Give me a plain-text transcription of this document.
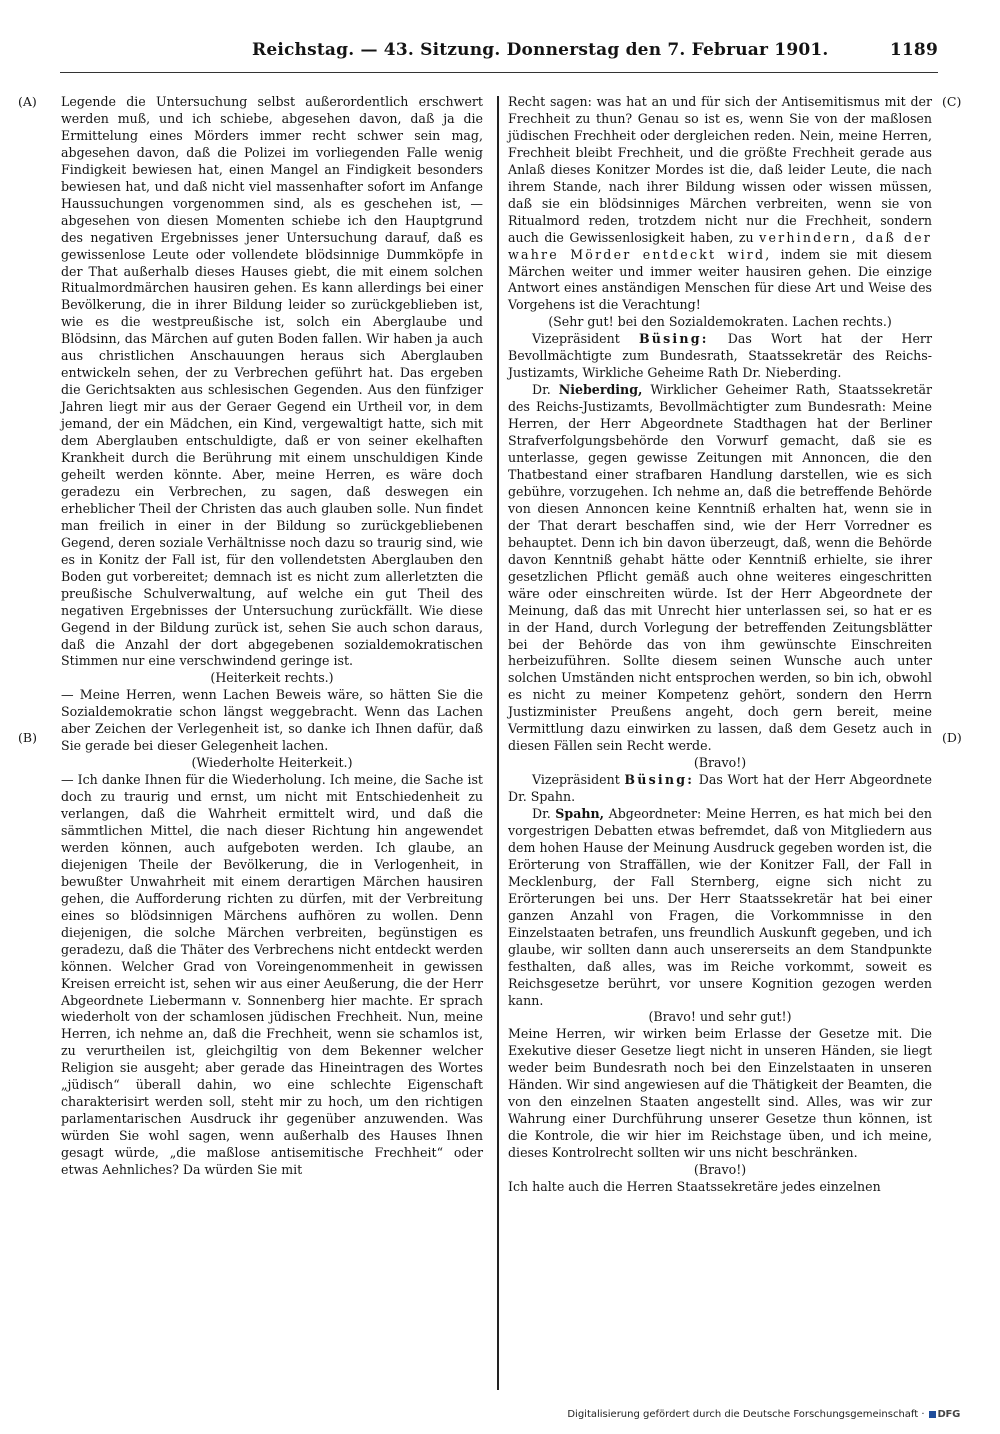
Reichstag. — 43. Sitzung. Donnerstag den 7. Februar 1901.	1189
(A)
(B)
(C)
(D)

Legende die Untersuchung selbst außerordentlich erschwert werden muß, und ich schiebe, abgesehen davon, daß ja die Ermittelung eines Mörders immer recht schwer sein mag, abgesehen davon, daß die Polizei im vorliegenden Falle wenig Findigkeit bewiesen hat, einen Mangel an Findigkeit besonders bewiesen hat, und daß nicht viel massenhafter sofort im Anfange Haussuchungen vorgenommen sind, als es geschehen ist, — abgesehen von diesen Momenten schiebe ich den Hauptgrund des negativen Ergebnisses jener Untersuchung darauf, daß es gewissenlose Leute oder vollendete blödsinnige Dummköpfe in der That außerhalb dieses Hauses giebt, die mit einem solchen Ritualmordmärchen hausiren gehen. Es kann allerdings bei einer Bevölkerung, die in ihrer Bildung leider so zurückgeblieben ist, wie es die westpreußische ist, solch ein Aberglaube und Blödsinn, das Märchen auf guten Boden fallen. Wir haben ja auch aus christlichen Anschauungen heraus sich Aberglauben entwickeln sehen, der zu Verbrechen geführt hat. Das ergeben die Gerichtsakten aus schlesischen Gegenden. Aus den fünfziger Jahren liegt mir aus der Geraer Gegend ein Urtheil vor, in dem jemand, der ein Mädchen, ein Kind, vergewaltigt hatte, sich mit dem Aberglauben entschuldigte, daß er von seiner ekelhaften Krankheit durch die Berührung mit einem unschuldigen Kinde geheilt werden könnte. Aber, meine Herren, es wäre doch geradezu ein Verbrechen, zu sagen, daß deswegen ein erheblicher Theil der Christen das auch glauben solle. Nun findet man freilich in einer in der Bildung so zurückgebliebenen Gegend, deren soziale Verhältnisse noch dazu so traurig sind, wie es in Konitz der Fall ist, für den vollendetsten Aberglauben den Boden gut vorbereitet; demnach ist es nicht zum allerletzten die preußische Schulverwaltung, auf welche ein gut Theil des negativen Ergebnisses der Untersuchung zurückfällt. Wie diese Gegend in der Bildung zurück ist, sehen Sie auch schon daraus, daß die Anzahl der dort abgegebenen sozialdemokratischen Stimmen nur eine verschwindend geringe ist.

(Heiterkeit rechts.)

— Meine Herren, wenn Lachen Beweis wäre, so hätten Sie die Sozialdemokratie schon längst weggebracht. Wenn das Lachen aber Zeichen der Verlegenheit ist, so danke ich Ihnen dafür, daß Sie gerade bei dieser Gelegenheit lachen.

(Wiederholte Heiterkeit.)

— Ich danke Ihnen für die Wiederholung. Ich meine, die Sache ist doch zu traurig und ernst, um nicht mit Entschiedenheit zu verlangen, daß die Wahrheit ermittelt wird, und daß die sämmtlichen Mittel, die nach dieser Richtung hin angewendet werden können, auch aufgeboten werden. Ich glaube, an diejenigen Theile der Bevölkerung, die in Verlogenheit, in bewußter Unwahrheit mit einem derartigen Märchen hausiren gehen, die Aufforderung richten zu dürfen, mit der Verbreitung eines so blödsinnigen Märchens aufhören zu wollen. Denn diejenigen, die solche Märchen verbreiten, begünstigen es geradezu, daß die Thäter des Verbrechens nicht entdeckt werden können. Welcher Grad von Voreingenommenheit in gewissen Kreisen erreicht ist, sehen wir aus einer Aeußerung, die der Herr Abgeordnete Liebermann v. Sonnenberg hier machte. Er sprach wiederholt von der schamlosen jüdischen Frechheit. Nun, meine Herren, ich nehme an, daß die Frechheit, wenn sie schamlos ist, zu verurtheilen ist, gleichgiltig von dem Bekenner welcher Religion sie ausgeht; aber gerade das Hineintragen des Wortes „jüdisch“ überall dahin, wo eine schlechte Eigenschaft charakterisirt werden soll, steht mir zu hoch, um den richtigen parlamentarischen Ausdruck ihr gegenüber anzuwenden. Was würden Sie wohl sagen, wenn außerhalb des Hauses Ihnen gesagt würde, „die maßlose antisemitische Frechheit“ oder etwas Aehnliches? Da würden Sie mit

Recht sagen: was hat an und für sich der Antisemitismus mit der Frechheit zu thun? Genau so ist es, wenn Sie von der maßlosen jüdischen Frechheit oder dergleichen reden. Nein, meine Herren, Frechheit bleibt Frechheit, und die größte Frechheit gerade aus Anlaß dieses Konitzer Mordes ist die, daß leider Leute, die nach ihrem Stande, nach ihrer Bildung wissen oder wissen müssen, daß sie ein blödsinniges Märchen verbreiten, wenn sie von Ritualmord reden, trotzdem nicht nur die Frechheit, sondern auch die Gewissenlosigkeit haben, zu verhindern, daß der wahre Mörder entdeckt wird, indem sie mit diesem Märchen weiter und immer weiter hausiren gehen. Die einzige Antwort eines anständigen Menschen für diese Art und Weise des Vorgehens ist die Verachtung!

(Sehr gut! bei den Sozialdemokraten. Lachen rechts.)

Vizepräsident Büsing: Das Wort hat der Herr Bevollmächtigte zum Bundesrath, Staatssekretär des Reichs-Justizamts, Wirkliche Geheime Rath Dr. Nieberding.

Dr. Nieberding, Wirklicher Geheimer Rath, Staatssekretär des Reichs-Justizamts, Bevollmächtigter zum Bundesrath: Meine Herren, der Herr Abgeordnete Stadthagen hat der Berliner Strafverfolgungsbehörde den Vorwurf gemacht, daß sie es unterlasse, gegen gewisse Zeitungen mit Annoncen, die den Thatbestand einer strafbaren Handlung darstellen, wie es sich gebühre, vorzugehen. Ich nehme an, daß die betreffende Behörde von diesen Annoncen keine Kenntniß erhalten hat, wenn sie in der That derart beschaffen sind, wie der Herr Vorredner es behauptet. Denn ich bin davon überzeugt, daß, wenn die Behörde davon Kenntniß gehabt hätte oder Kenntniß erhielte, sie ihrer gesetzlichen Pflicht gemäß auch ohne weiteres eingeschritten wäre oder einschreiten würde. Ist der Herr Abgeordnete der Meinung, daß das mit Unrecht hier unterlassen sei, so hat er es in der Hand, durch Vorlegung der betreffenden Zeitungsblätter bei der Behörde das von ihm gewünschte Einschreiten herbeizuführen. Sollte diesem seinen Wunsche auch unter solchen Umständen nicht entsprochen werden, so bin ich, obwohl es nicht zu meiner Kompetenz gehört, sondern den Herrn Justizminister Preußens angeht, doch gern bereit, meine Vermittlung dazu einwirken zu lassen, daß dem Gesetz auch in diesen Fällen sein Recht werde.

(Bravo!)

Vizepräsident Büsing: Das Wort hat der Herr Abgeordnete Dr. Spahn.

Dr. Spahn, Abgeordneter: Meine Herren, es hat mich bei den vorgestrigen Debatten etwas befremdet, daß von Mitgliedern aus dem hohen Hause der Meinung Ausdruck gegeben worden ist, die Erörterung von Straffällen, wie der Konitzer Fall, der Fall in Mecklenburg, der Fall Sternberg, eigne sich nicht zu Erörterungen bei uns. Der Herr Staatssekretär hat bei einer ganzen Anzahl von Fragen, die Vorkommnisse in den Einzelstaaten betrafen, uns freundlich Auskunft gegeben, und ich glaube, wir sollten dann auch unsererseits an dem Standpunkte festhalten, daß alles, was im Reiche vorkommt, soweit es Reichsgesetze berührt, vor unsere Kognition gezogen werden kann.

(Bravo! und sehr gut!)

Meine Herren, wir wirken beim Erlasse der Gesetze mit. Die Exekutive dieser Gesetze liegt nicht in unseren Händen, sie liegt weder beim Bundesrath noch bei den Einzelstaaten in unseren Händen. Wir sind angewiesen auf die Thätigkeit der Beamten, die von den einzelnen Staaten angestellt sind. Alles, was wir zur Wahrung einer Durchführung unserer Gesetze thun können, ist die Kontrole, die wir hier im Reichstage üben, und ich meine, dieses Kontrolrecht sollten wir uns nicht beschränken.

(Bravo!)

Ich halte auch die Herren Staatssekretäre jedes einzelnen

Digitalisierung gefördert durch die Deutsche Forschungsgemeinschaft · DFG
